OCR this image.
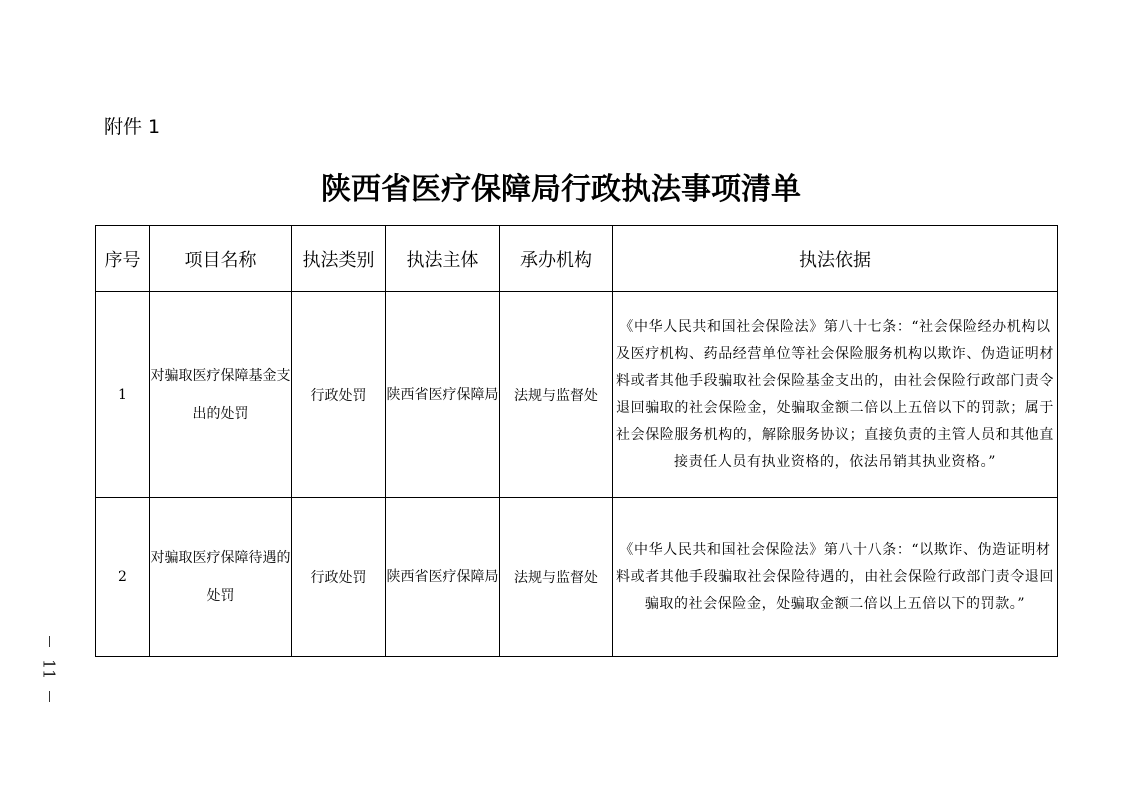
附件 1
陕西省医疗保障局行政执法事项清单
序号	项目名称	执法类别	执法主体	承办机构	执法依据
1	对骗取医疗保障基金支出的处罚	行政处罚	陕西省医疗保障局	法规与监督处	《中华人民共和国社会保险法》第八十七条：“社会保险经办机构以及医疗机构、药品经营单位等社会保险服务机构以欺诈、伪造证明材料或者其他手段骗取社会保险基金支出的，由社会保险行政部门责令退回骗取的社会保险金，处骗取金额二倍以上五倍以下的罚款；属于社会保险服务机构的，解除服务协议；直接负责的主管人员和其他直接责任人员有执业资格的，依法吊销其执业资格。”
2	对骗取医疗保障待遇的处罚	行政处罚	陕西省医疗保障局	法规与监督处	《中华人民共和国社会保险法》第八十八条：“以欺诈、伪造证明材料或者其他手段骗取社会保险待遇的，由社会保险行政部门责令退回骗取的社会保险金，处骗取金额二倍以上五倍以下的罚款。”
11
